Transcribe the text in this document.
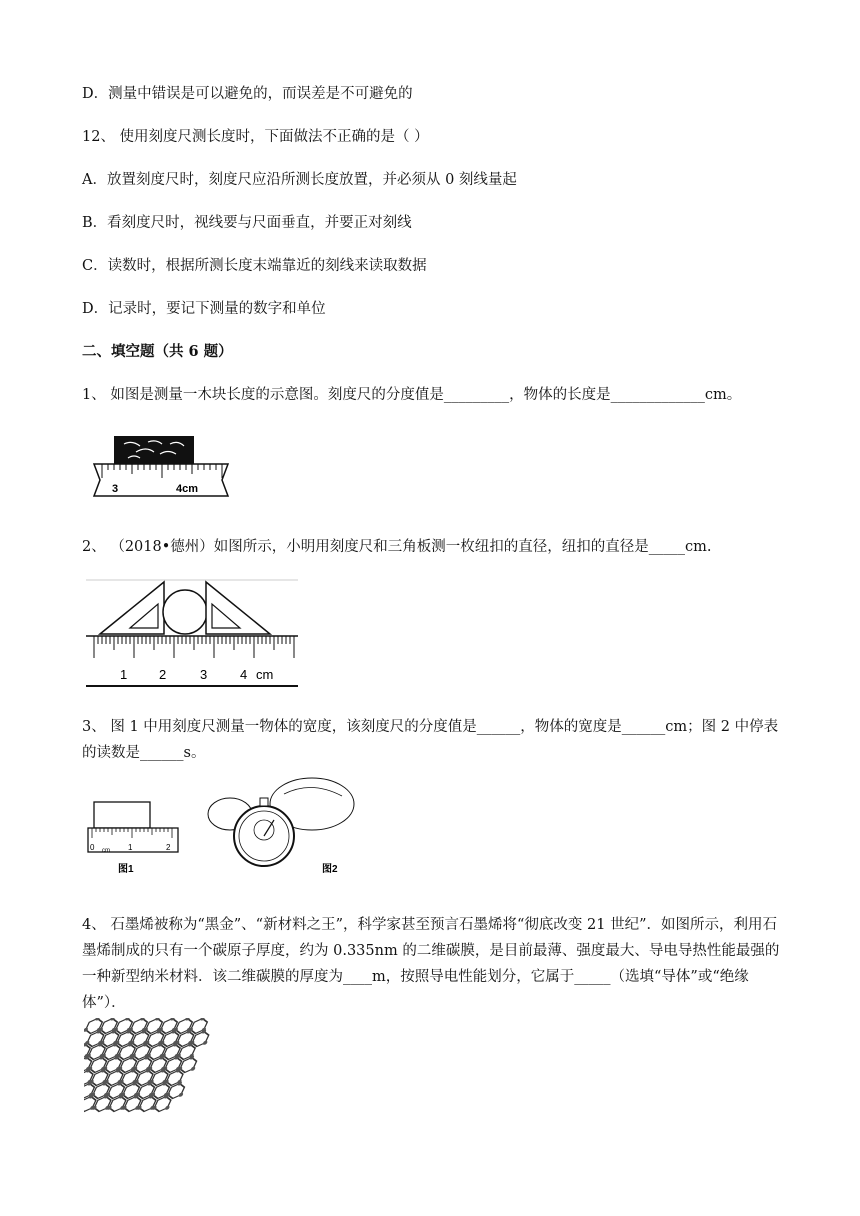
D．测量中错误是可以避免的，而误差是不可避免的
12、 使用刻度尺测长度时，下面做法不正确的是（ ）
A．放置刻度尺时，刻度尺应沿所测长度放置，并必须从 0 刻线量起
B．看刻度尺时，视线要与尺面垂直，并要正对刻线
C．读数时，根据所测长度末端靠近的刻线来读取数据
D．记录时，要记下测量的数字和单位
二、填空题（共 6 题）
1、 如图是测量一木块长度的示意图。刻度尺的分度值是_________，物体的长度是_____________cm。
3	4cm
2、 （2018•德州）如图所示，小明用刻度尺和三角板测一枚纽扣的直径，纽扣的直径是_____cm.
1 2	3	4 cm
3、 图 1 中用刻度尺测量一物体的宽度，该刻度尺的分度值是______，物体的宽度是______cm；图 2 中停表的读数是______s。
0 cm 1	2
图1	图2
4、 石墨烯被称为“黑金”、“新材料之王”，科学家甚至预言石墨烯将“彻底改变 21 世纪”．如图所示，利用石墨烯制成的只有一个碳原子厚度，约为 0.335nm 的二维碳膜，是目前最薄、强度最大、导电导热性能最强的一种新型纳米材料．该二维碳膜的厚度为____m，按照导电性能划分，它属于_____（选填“导体”或“绝缘体”）．
